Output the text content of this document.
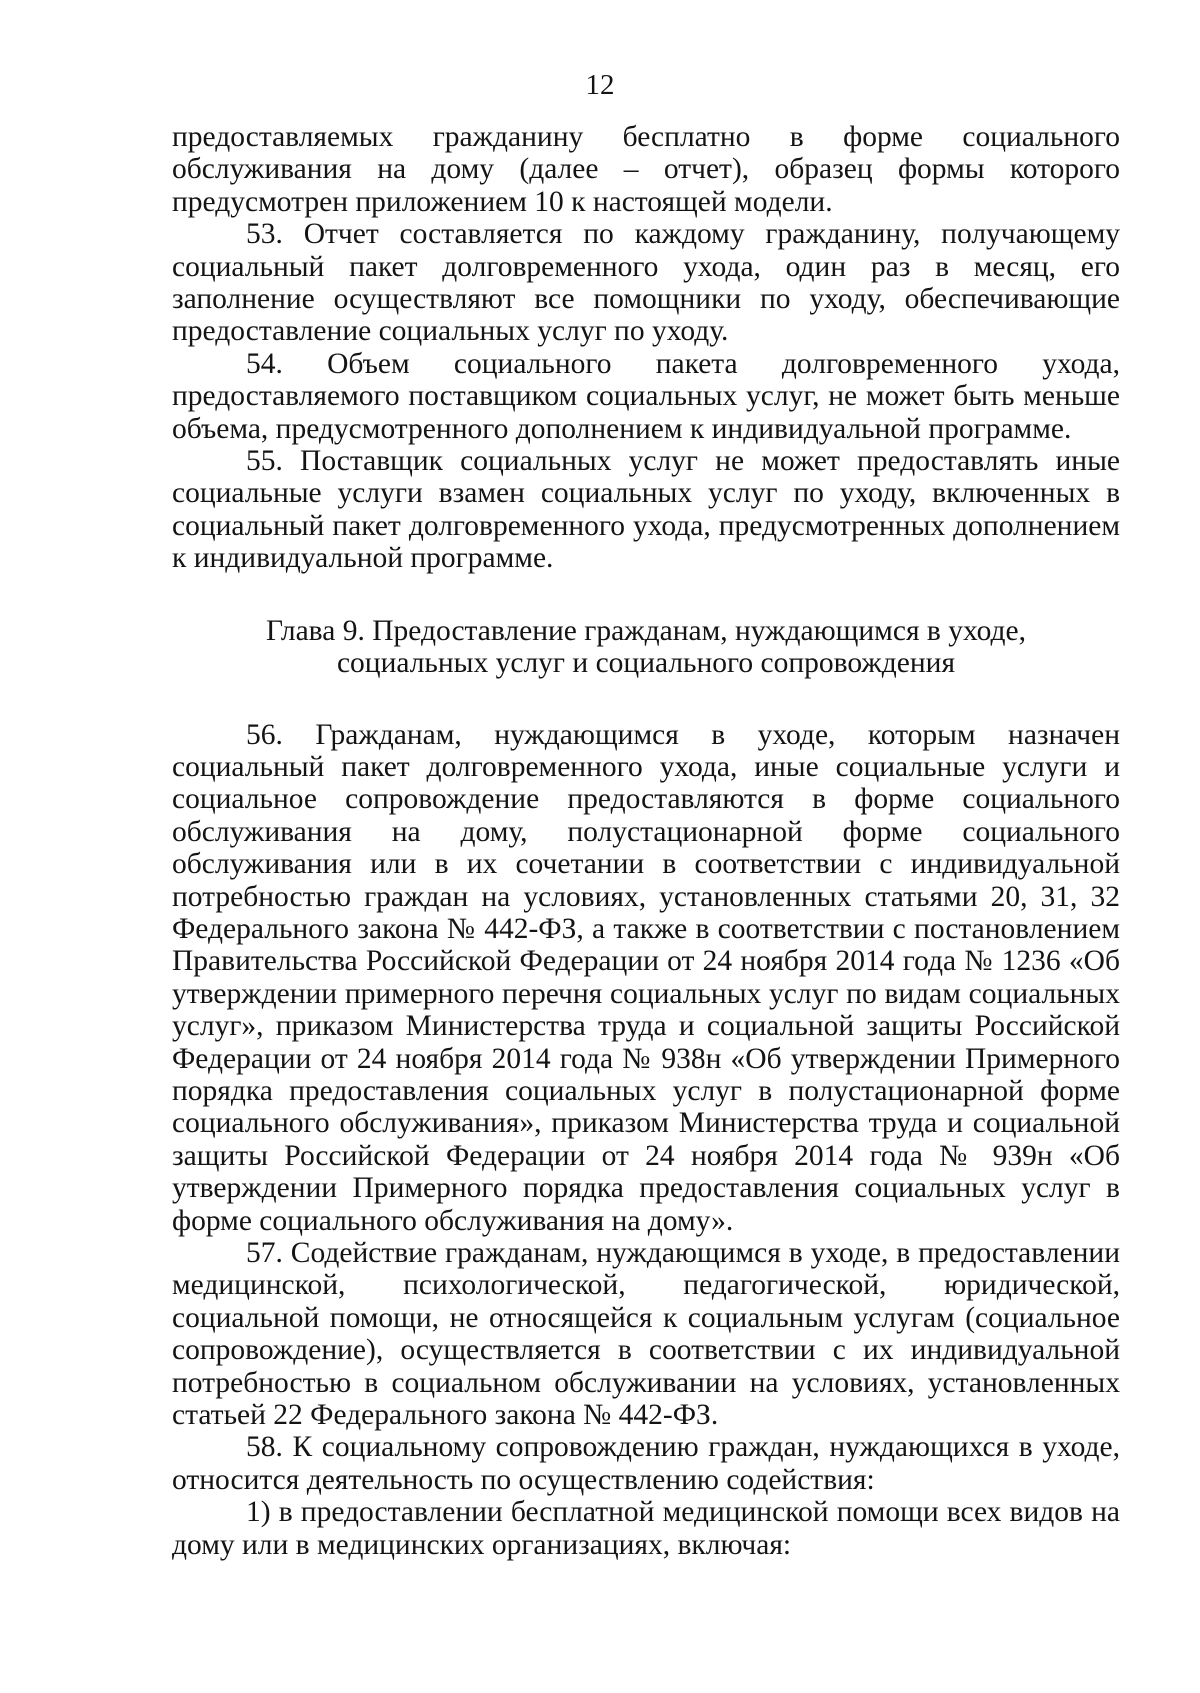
12

предоставляемых гражданину бесплатно в форме социального обслуживания на дому (далее – отчет), образец формы которого предусмотрен приложением 10 к настоящей модели.

53. Отчет составляется по каждому гражданину, получающему социальный пакет долговременного ухода, один раз в месяц, его заполнение осуществляют все помощники по уходу, обеспечивающие предоставление социальных услуг по уходу.

54. Объем социального пакета долговременного ухода, предоставляемого поставщиком социальных услуг, не может быть меньше объема, предусмотренного дополнением к индивидуальной программе.

55. Поставщик социальных услуг не может предоставлять иные социальные услуги взамен социальных услуг по уходу, включенных в социальный пакет долговременного ухода, предусмотренных дополнением к индивидуальной программе.

Глава 9. Предоставление гражданам, нуждающимся в уходе,
социальных услуг и социального сопровождения

56. Гражданам, нуждающимся в уходе, которым назначен социальный пакет долговременного ухода, иные социальные услуги и социальное сопровождение предоставляются в форме социального обслуживания на дому, полустационарной форме социального обслуживания или в их сочетании в соответствии с индивидуальной потребностью граждан на условиях, установленных статьями 20, 31, 32 Федерального закона № 442-ФЗ, а также в соответствии с постановлением Правительства Российской Федерации от 24 ноября 2014 года № 1236 «Об утверждении примерного перечня социальных услуг по видам социальных услуг», приказом Министерства труда и социальной защиты Российской Федерации от 24 ноября 2014 года № 938н «Об утверждении Примерного порядка предоставления социальных услуг в полустационарной форме социального обслуживания», приказом Министерства труда и социальной защиты Российской Федерации от 24 ноября 2014 года № 939н «Об утверждении Примерного порядка предоставления социальных услуг в форме социального обслуживания на дому».

57. Содействие гражданам, нуждающимся в уходе, в предоставлении медицинской, психологической, педагогической, юридической, социальной помощи, не относящейся к социальным услугам (социальное сопровождение), осуществляется в соответствии с их индивидуальной потребностью в социальном обслуживании на условиях, установленных статьей 22 Федерального закона № 442-ФЗ.

58. К социальному сопровождению граждан, нуждающихся в уходе, относится деятельность по осуществлению содействия:

1) в предоставлении бесплатной медицинской помощи всех видов на дому или в медицинских организациях, включая:
